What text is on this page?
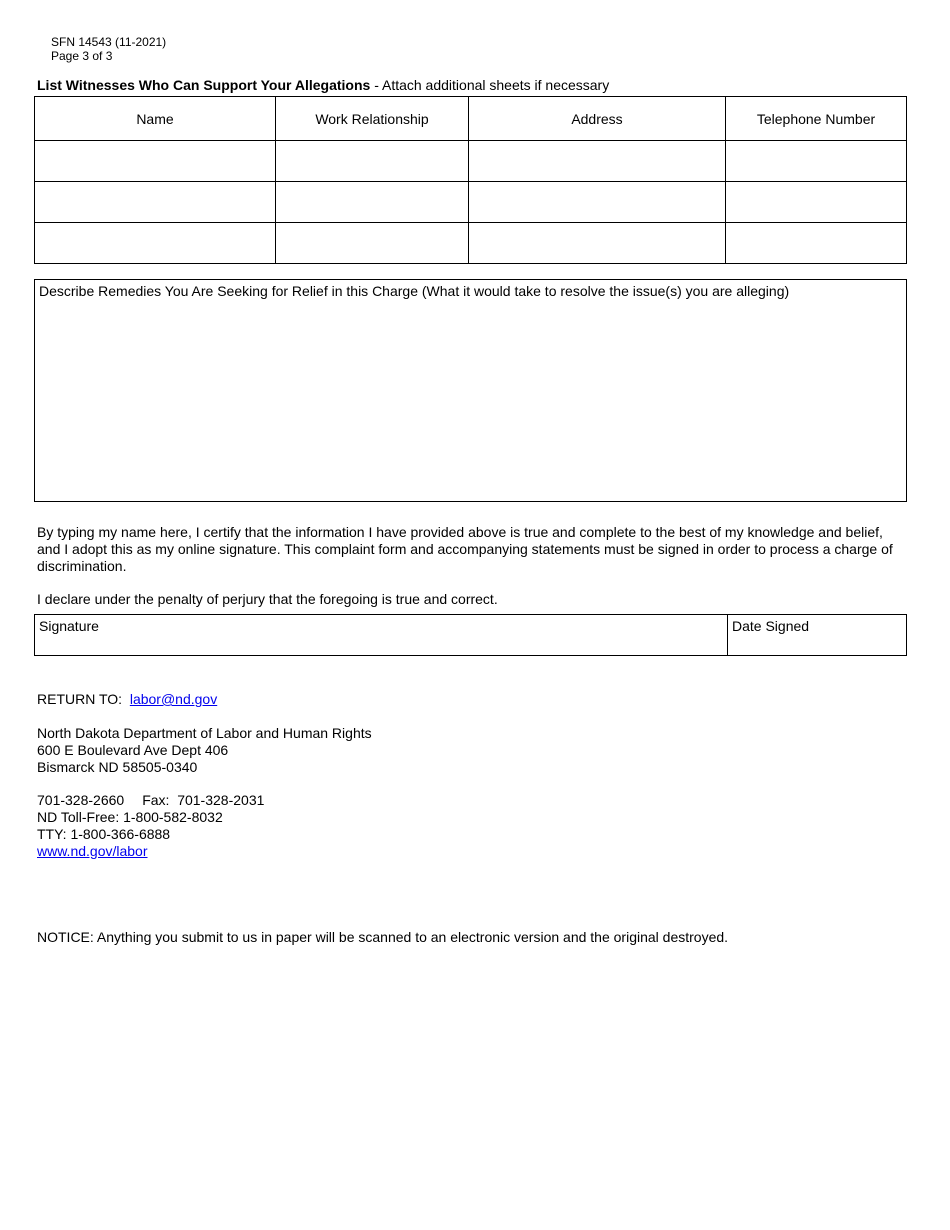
SFN 14543 (11-2021)
Page 3 of 3
List Witnesses Who Can Support Your Allegations - Attach additional sheets if necessary
Name	Work Relationship	Address	Telephone Number

Describe Remedies You Are Seeking for Relief in this Charge (What it would take to resolve the issue(s) you are alleging)
By typing my name here, I certify that the information I have provided above is true and complete to the best of my knowledge and belief, and I adopt this as my online signature. This complaint form and accompanying statements must be signed in order to process a charge of discrimination.
I declare under the penalty of perjury that the foregoing is true and correct.
Signature	Date Signed
RETURN TO: labor@nd.gov
North Dakota Department of Labor and Human Rights
600 E Boulevard Ave Dept 406
Bismarck ND 58505-0340
701-328-2660 Fax: 701-328-2031
ND Toll-Free: 1-800-582-8032
TTY: 1-800-366-6888
www.nd.gov/labor
NOTICE: Anything you submit to us in paper will be scanned to an electronic version and the original destroyed.
